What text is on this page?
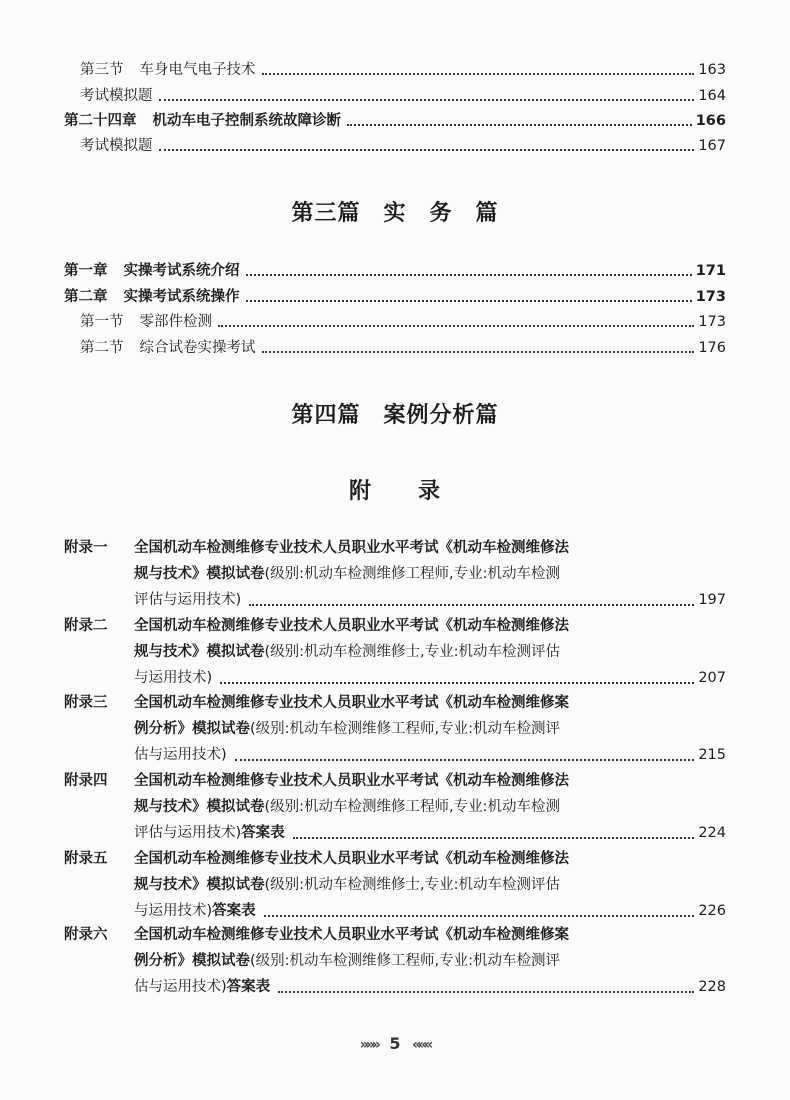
第三节 车身电气电子技术	163
考试模拟题	164
第二十四章 机动车电子控制系统故障诊断	166
考试模拟题	167
第三篇　实　务　篇
第一章 实操考试系统介绍	171
第二章 实操考试系统操作	173
第一节 零部件检测	173
第二节 综合试卷实操考试	176
第四篇　案例分析篇
附　　录
附录一 全国机动车检测维修专业技术人员职业水平考试《机动车检测维修法
规与技术》模拟试卷(级别:机动车检测维修工程师,专业:机动车检测
评估与运用技术)	197
附录二 全国机动车检测维修专业技术人员职业水平考试《机动车检测维修法
规与技术》模拟试卷(级别:机动车检测维修士,专业:机动车检测评估
与运用技术)	207
附录三 全国机动车检测维修专业技术人员职业水平考试《机动车检测维修案
例分析》模拟试卷(级别:机动车检测维修工程师,专业:机动车检测评
估与运用技术)	215
附录四 全国机动车检测维修专业技术人员职业水平考试《机动车检测维修法
规与技术》模拟试卷(级别:机动车检测维修工程师,专业:机动车检测
评估与运用技术) 答案表	224
附录五 全国机动车检测维修专业技术人员职业水平考试《机动车检测维修法
规与技术》模拟试卷(级别:机动车检测维修士,专业:机动车检测评估
与运用技术) 答案表	226
附录六 全国机动车检测维修专业技术人员职业水平考试《机动车检测维修案
例分析》模拟试卷(级别:机动车检测维修工程师,专业:机动车检测评
估与运用技术) 答案表	228
»»» 5 «««
